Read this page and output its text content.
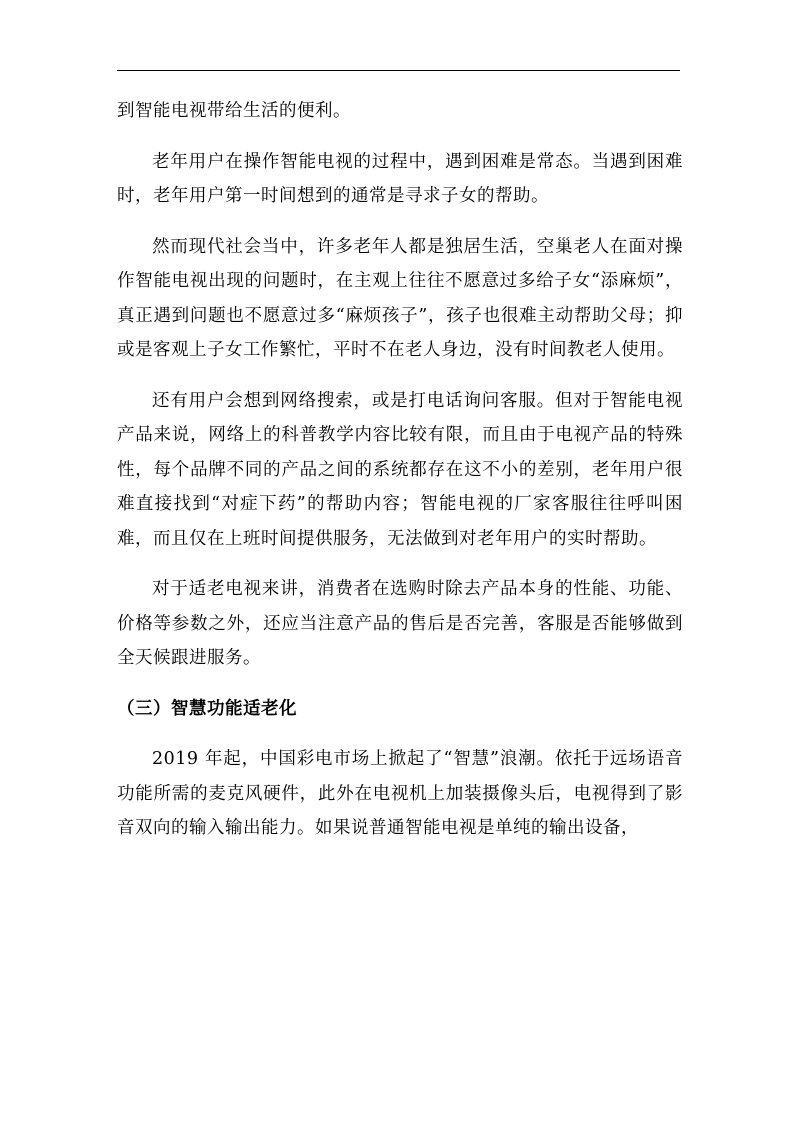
到智能电视带给生活的便利。

老年用户在操作智能电视的过程中，遇到困难是常态。当遇到困难时，老年用户第一时间想到的通常是寻求子女的帮助。

然而现代社会当中，许多老年人都是独居生活，空巢老人在面对操作智能电视出现的问题时，在主观上往往不愿意过多给子女“添麻烦”，真正遇到问题也不愿意过多“麻烦孩子”，孩子也很难主动帮助父母；抑或是客观上子女工作繁忙，平时不在老人身边，没有时间教老人使用。

还有用户会想到网络搜索，或是打电话询问客服。但对于智能电视产品来说，网络上的科普教学内容比较有限，而且由于电视产品的特殊性，每个品牌不同的产品之间的系统都存在这不小的差别，老年用户很难直接找到“对症下药”的帮助内容；智能电视的厂家客服往往呼叫困难，而且仅在上班时间提供服务，无法做到对老年用户的实时帮助。

对于适老电视来讲，消费者在选购时除去产品本身的性能、功能、价格等参数之外，还应当注意产品的售后是否完善，客服是否能够做到全天候跟进服务。

（三）智慧功能适老化

2019 年起，中国彩电市场上掀起了“智慧”浪潮。依托于远场语音功能所需的麦克风硬件，此外在电视机上加装摄像头后，电视得到了影音双向的输入输出能力。如果说普通智能电视是单纯的输出设备，
